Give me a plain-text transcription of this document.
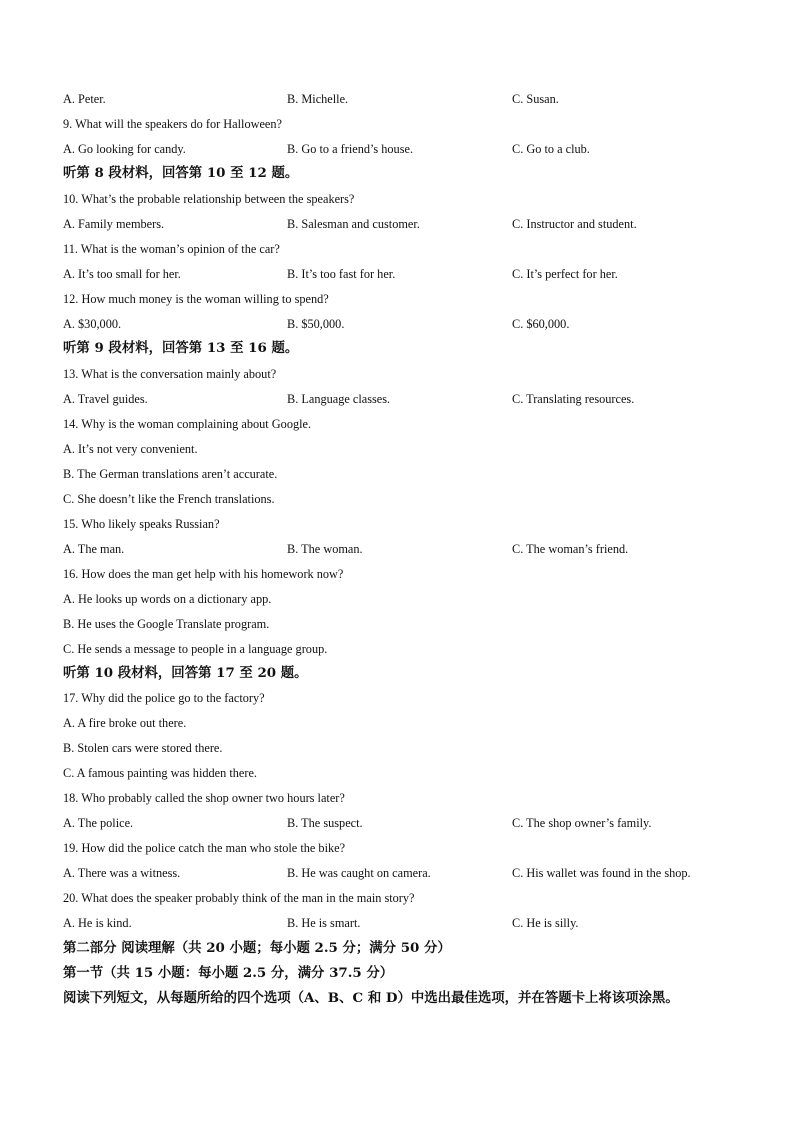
A. Peter.	B. Michelle.	C. Susan.
9. What will the speakers do for Halloween?
A. Go looking for candy.	B. Go to a friend’s house.	C. Go to a club.
听第 8 段材料，回答第 10 至 12 题。
10. What’s the probable relationship between the speakers?
A. Family members.	B. Salesman and customer.	C. Instructor and student.
11. What is the woman’s opinion of the car?
A. It’s too small for her.	B. It’s too fast for her.	C. It’s perfect for her.
12. How much money is the woman willing to spend?
A. $30,000.	B. $50,000.	C. $60,000.
听第 9 段材料，回答第 13 至 16 题。
13. What is the conversation mainly about?
A. Travel guides.	B. Language classes.	C. Translating resources.
14. Why is the woman complaining about Google.
A. It’s not very convenient.
B. The German translations aren’t accurate.
C. She doesn’t like the French translations.
15. Who likely speaks Russian?
A. The man.	B. The woman.	C. The woman’s friend.
16. How does the man get help with his homework now?
A. He looks up words on a dictionary app.
B. He uses the Google Translate program.
C. He sends a message to people in a language group.
听第 10 段材料，回答第 17 至 20 题。
17. Why did the police go to the factory?
A. A fire broke out there.
B. Stolen cars were stored there.
C. A famous painting was hidden there.
18. Who probably called the shop owner two hours later?
A. The police.	B. The suspect.	C. The shop owner’s family.
19. How did the police catch the man who stole the bike?
A. There was a witness.	B. He was caught on camera.	C. His wallet was found in the shop.
20. What does the speaker probably think of the man in the main story?
A. He is kind.	B. He is smart.	C. He is silly.
第二部分 阅读理解（共 20 小题；每小题 2.5 分；满分 50 分）
第一节（共 15 小题：每小题 2.5 分，满分 37.5 分）
阅读下列短文，从每题所给的四个选项（A、B、C 和 D）中选出最佳选项，并在答题卡上将该项涂黑。
